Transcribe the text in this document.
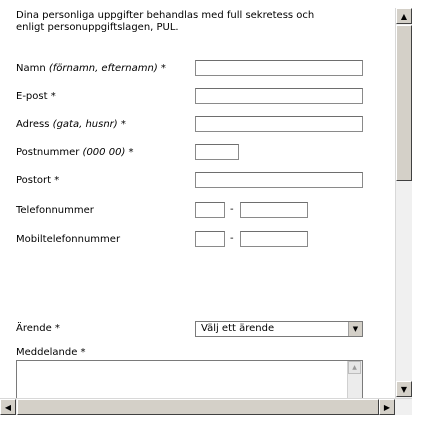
Dina personliga uppgifter behandlas med full sekretess och
enligt personuppgiftslagen, PUL.
Namn (förnamn, efternamn) *
E-post *
Adress (gata, husnr) *
Postnummer (000 00) *
Postort *
Telefonnummer	-
Mobiltelefonnummer	-
Ärende *	Välj ett ärende	▼
Meddelande *
▲
▲
▼
◀	▶
